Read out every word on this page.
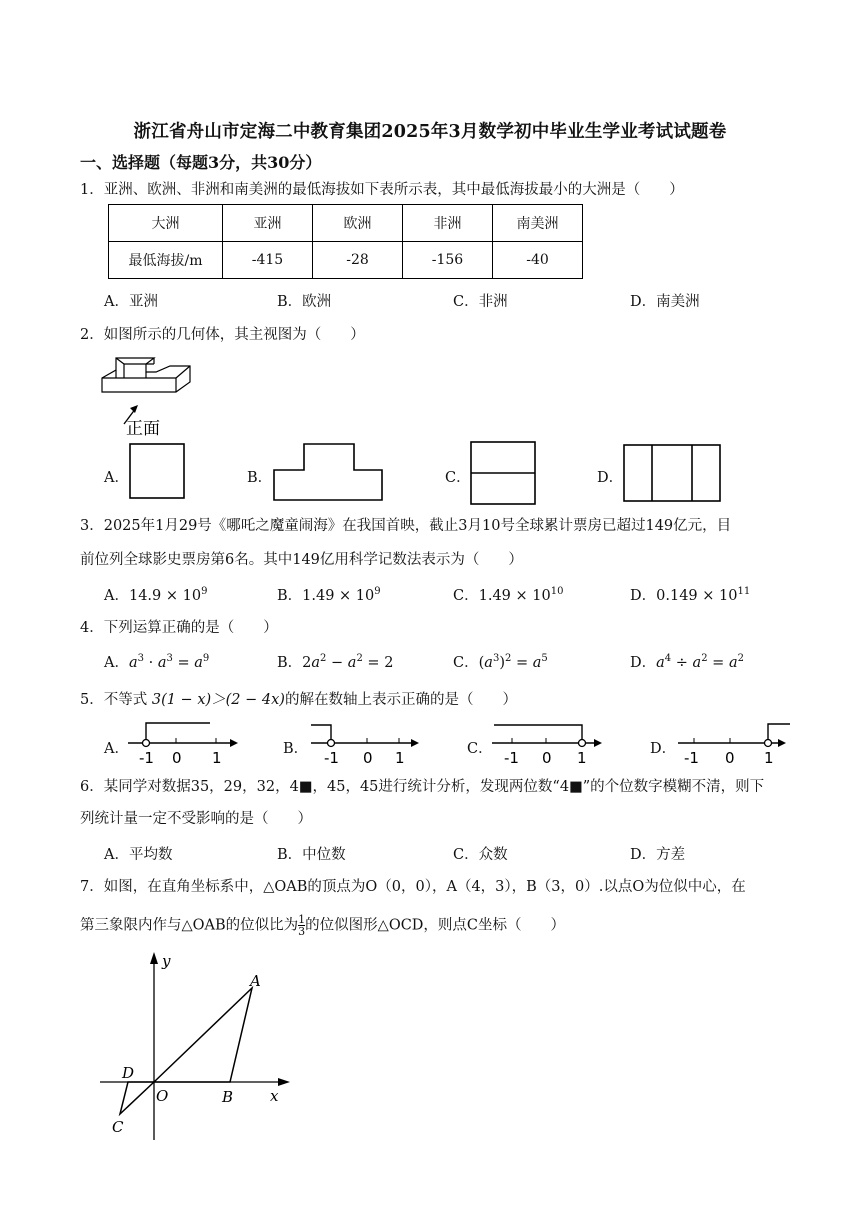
浙江省舟山市定海二中教育集团2025年3月数学初中毕业生学业考试试题卷
一、选择题（每题3分，共30分）
1．亚洲、欧洲、非洲和南美洲的最低海拔如下表所示表，其中最低海拔最小的大洲是（　　）
大洲	亚洲	欧洲	非洲	南美洲
最低海拔/m	-415	-28	-156	-40
A．亚洲	B．欧洲	C．非洲	D．南美洲
2．如图所示的几何体，其主视图为（　　）
正面
A．	B．	C．	D．
3．2025年1月29号《哪吒之魔童闹海》在我国首映，截止3月10号全球累计票房已超过149亿元，目
前位列全球影史票房第6名。其中149亿用科学记数法表示为（　　）
A．$14.9 \times 10^9$	B．$1.49 \times 10^9$	C．$1.49 \times 10^{10}$	D．$0.149 \times 10^{11}$
4．下列运算正确的是（　　）
A．$a^3 \cdot a^3 = a^9$	B．$2a^2 - a^2 = 2$	C．$(a^3)^2 = a^5$	D．$a^4 \div a^2 = a^2$
5．不等式 3(1 − x)＞(2 − 4x)的解在数轴上表示正确的是（　　）
A． -1 0 1	B． -1 0 1	C． -1 0 1	D． -1 0 1
6．某同学对数据35，29，32，4■，45，45进行统计分析，发现两位数“4■”的个位数字模糊不清，则下
列统计量一定不受影响的是（　　）
A．平均数	B．中位数	C．众数	D．方差
7．如图，在直角坐标系中，△OAB的顶点为O（0，0），A（4，3），B（3，0）.以点O为位似中心，在
第三象限内作与△OAB的位似比为 $\frac{1}{3}$ 的位似图形△OCD，则点C坐标（　　）
y
x
A
B
O
C
D
